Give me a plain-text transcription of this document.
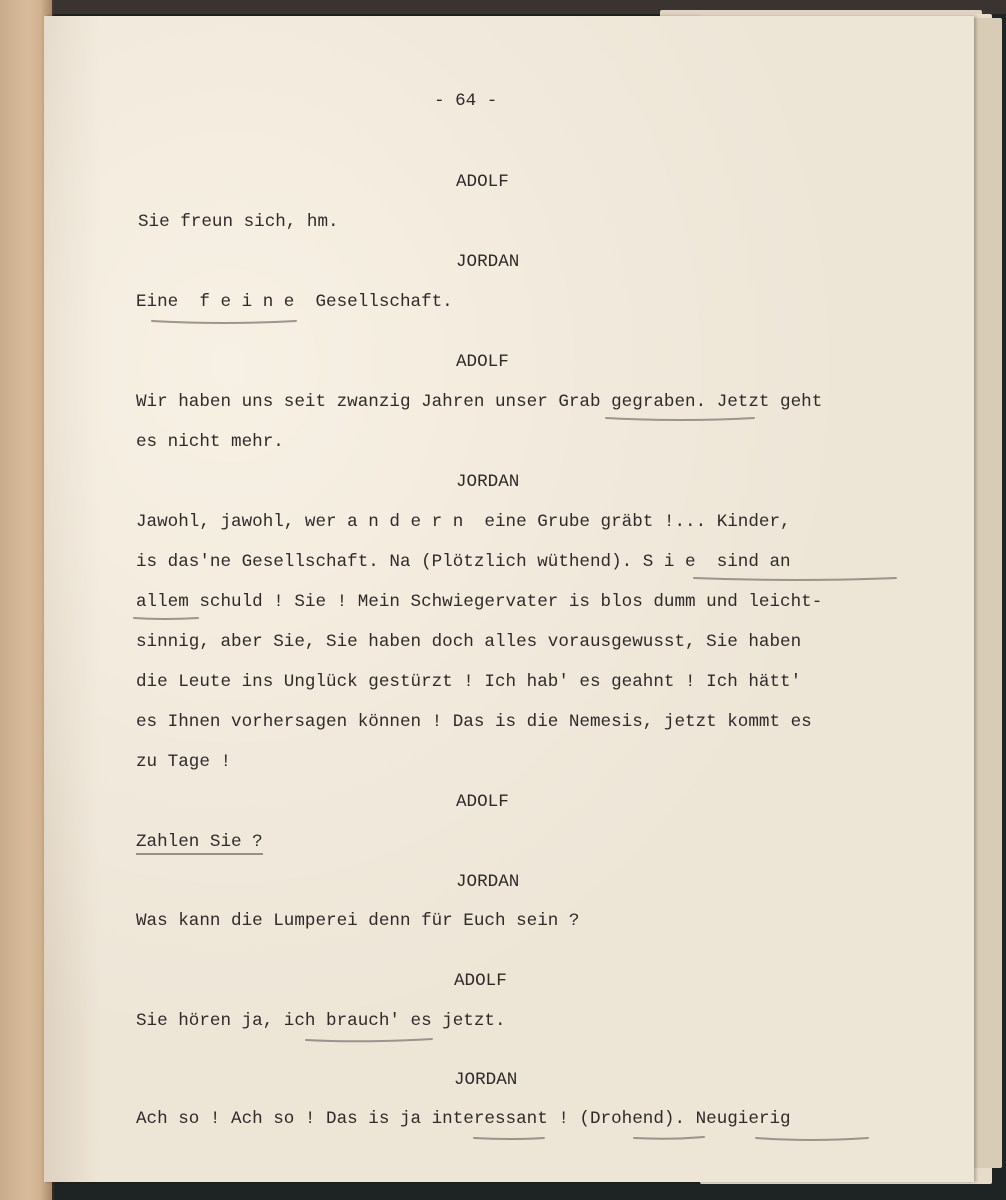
- 64 -

ADOLF

Sie freun sich, hm.

JORDAN

Eine  f e i n e  Gesellschaft.

ADOLF

Wir haben uns seit zwanzig Jahren unser Grab gegraben. Jetzt geht

es nicht mehr.

JORDAN

Jawohl, jawohl, wer a n d e r n  eine Grube gräbt !... Kinder,

is das'ne Gesellschaft. Na (Plötzlich wüthend). S i e  sind an

allem schuld ! Sie ! Mein Schwiegervater is blos dumm und leicht-

sinnig, aber Sie, Sie haben doch alles vorausgewusst, Sie haben

die Leute ins Unglück gestürzt ! Ich hab' es geahnt ! Ich hätt'

es Ihnen vorhersagen können ! Das is die Nemesis, jetzt kommt es

zu Tage !

ADOLF

Zahlen Sie ?

JORDAN

Was kann die Lumperei denn für Euch sein ?

ADOLF

Sie hören ja, ich brauch' es jetzt.

JORDAN

Ach so ! Ach so ! Das is ja interessant ! (Drohend). Neugierig
